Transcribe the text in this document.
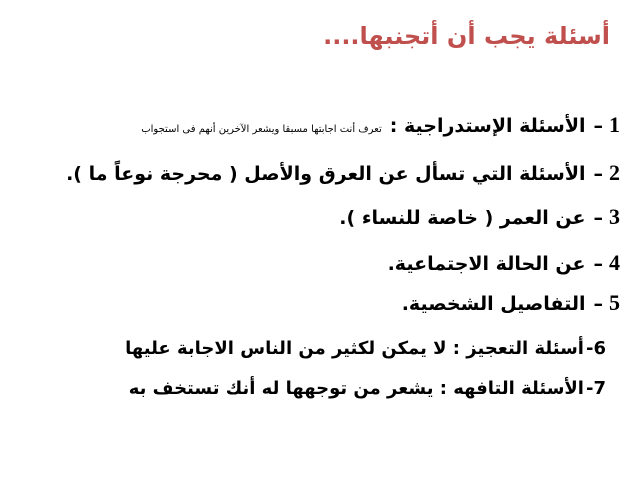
أسئلة يجب أن أتجنبها....
1
–
الأسئلة الإستدراجية :
تعرف أنت اجابتها مسبقا ويشعر الآخرين أنهم فى استجواب
2
–
الأسئلة التي تسأل عن العرق والأصل ( محرجة نوعاً ما ).
3
–
عن العمر ( خاصة للنساء ).
4
–
عن الحالة الاجتماعية.
5
–
التفاصيل الشخصية.
6-
أسئلة التعجيز : لا يمكن لكثير من الناس الاجابة عليها
7-
الأسئلة التافهه : يشعر من توجهها له أنك تستخف به
